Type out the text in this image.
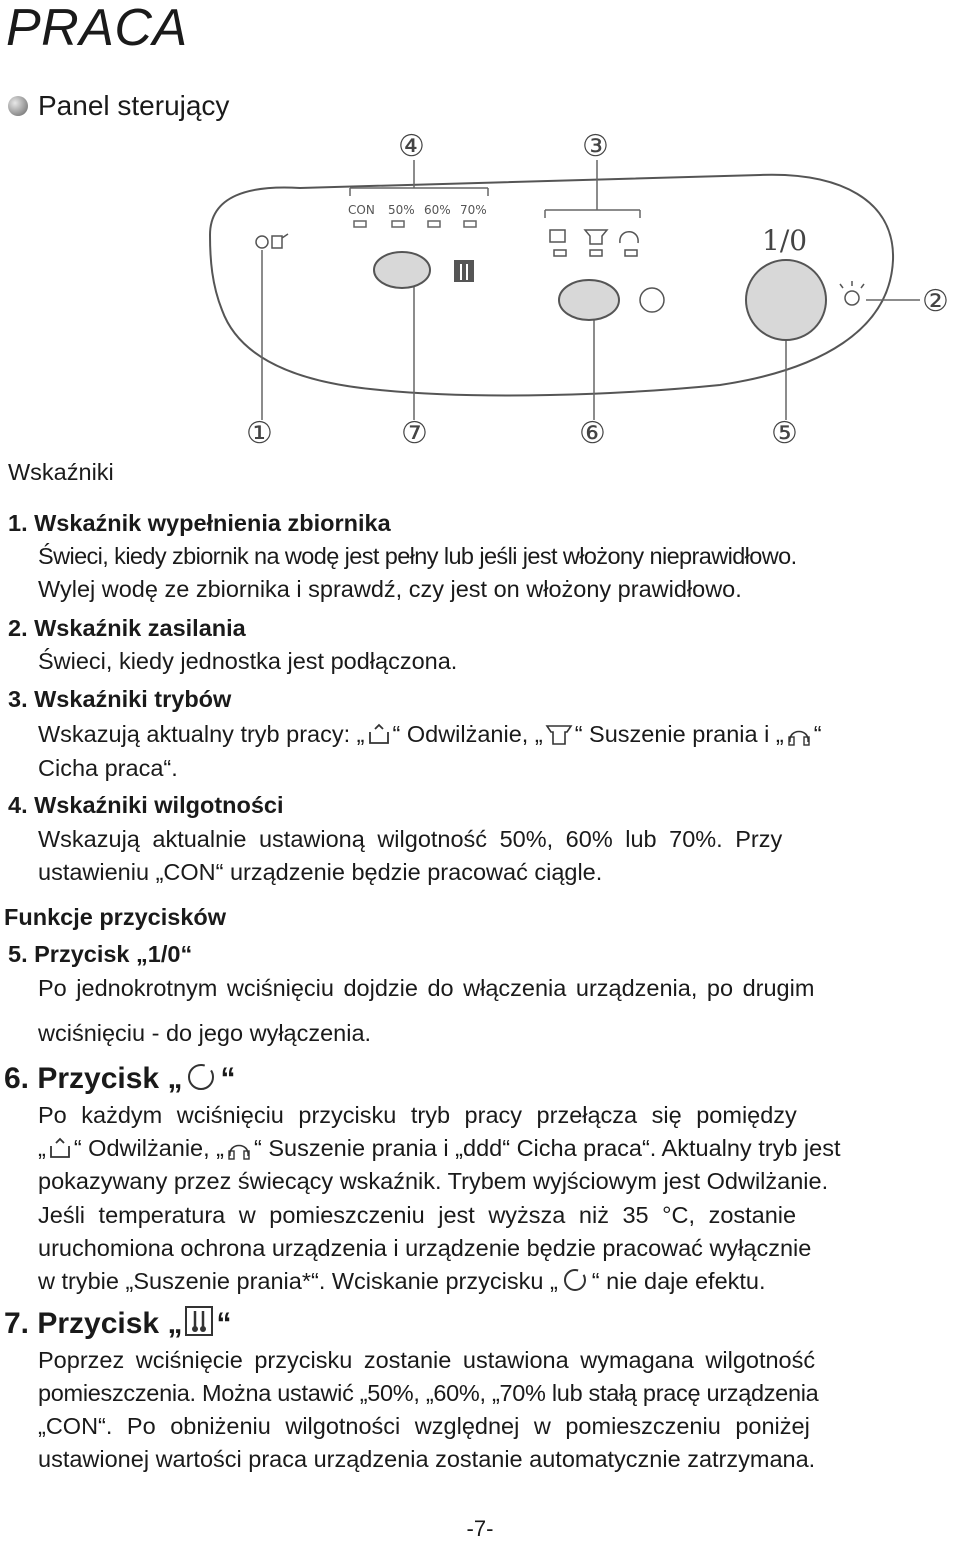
PRACA
Panel sterujący
④	③
②
①	⑦	⑥	⑤
CON 50% 60% 70%
1/0
Wskaźniki
1. Wskaźnik wypełnienia zbiornika
Świeci, kiedy zbiornik na wodę jest pełny lub jeśli jest włożony nieprawidłowo.
Wylej wodę ze zbiornika i sprawdź, czy jest on włożony prawidłowo.
2. Wskaźnik zasilania
Świeci, kiedy jednostka jest podłączona.
3. Wskaźniki trybów
Wskazują aktualny tryb pracy: „ “ Odwilżanie, „ “ Suszenie prania i „ “
Cicha praca“.
4. Wskaźniki wilgotności
Wskazują aktualnie ustawioną wilgotność 50%, 60% lub 70%. Przy
ustawieniu „CON“ urządzenie będzie pracować ciągle.
Funkcje przycisków
5. Przycisk „1/0“
Po jednokrotnym wciśnięciu dojdzie do włączenia urządzenia, po drugim
wciśnięciu - do jego wyłączenia.
6. Przycisk „ “
Po każdym wciśnięciu przycisku tryb pracy przełącza się pomiędzy
„ “ Odwilżanie, „ “ Suszenie prania i „ddd“ Cicha praca“. Aktualny tryb jest
pokazywany przez świecący wskaźnik. Trybem wyjściowym jest Odwilżanie.
Jeśli temperatura w pomieszczeniu jest wyższa niż 35 °C, zostanie
uruchomiona ochrona urządzenia i urządzenie będzie pracować wyłącznie
w trybie „Suszenie prania*“. Wciskanie przycisku „ “ nie daje efektu.
7. Przycisk „ “
Poprzez wciśnięcie przycisku zostanie ustawiona wymagana wilgotność
pomieszczenia. Można ustawić „50%, „60%, „70% lub stałą pracę urządzenia
„CON“. Po obniżeniu wilgotności względnej w pomieszczeniu poniżej
ustawionej wartości praca urządzenia zostanie automatycznie zatrzymana.
-7-
